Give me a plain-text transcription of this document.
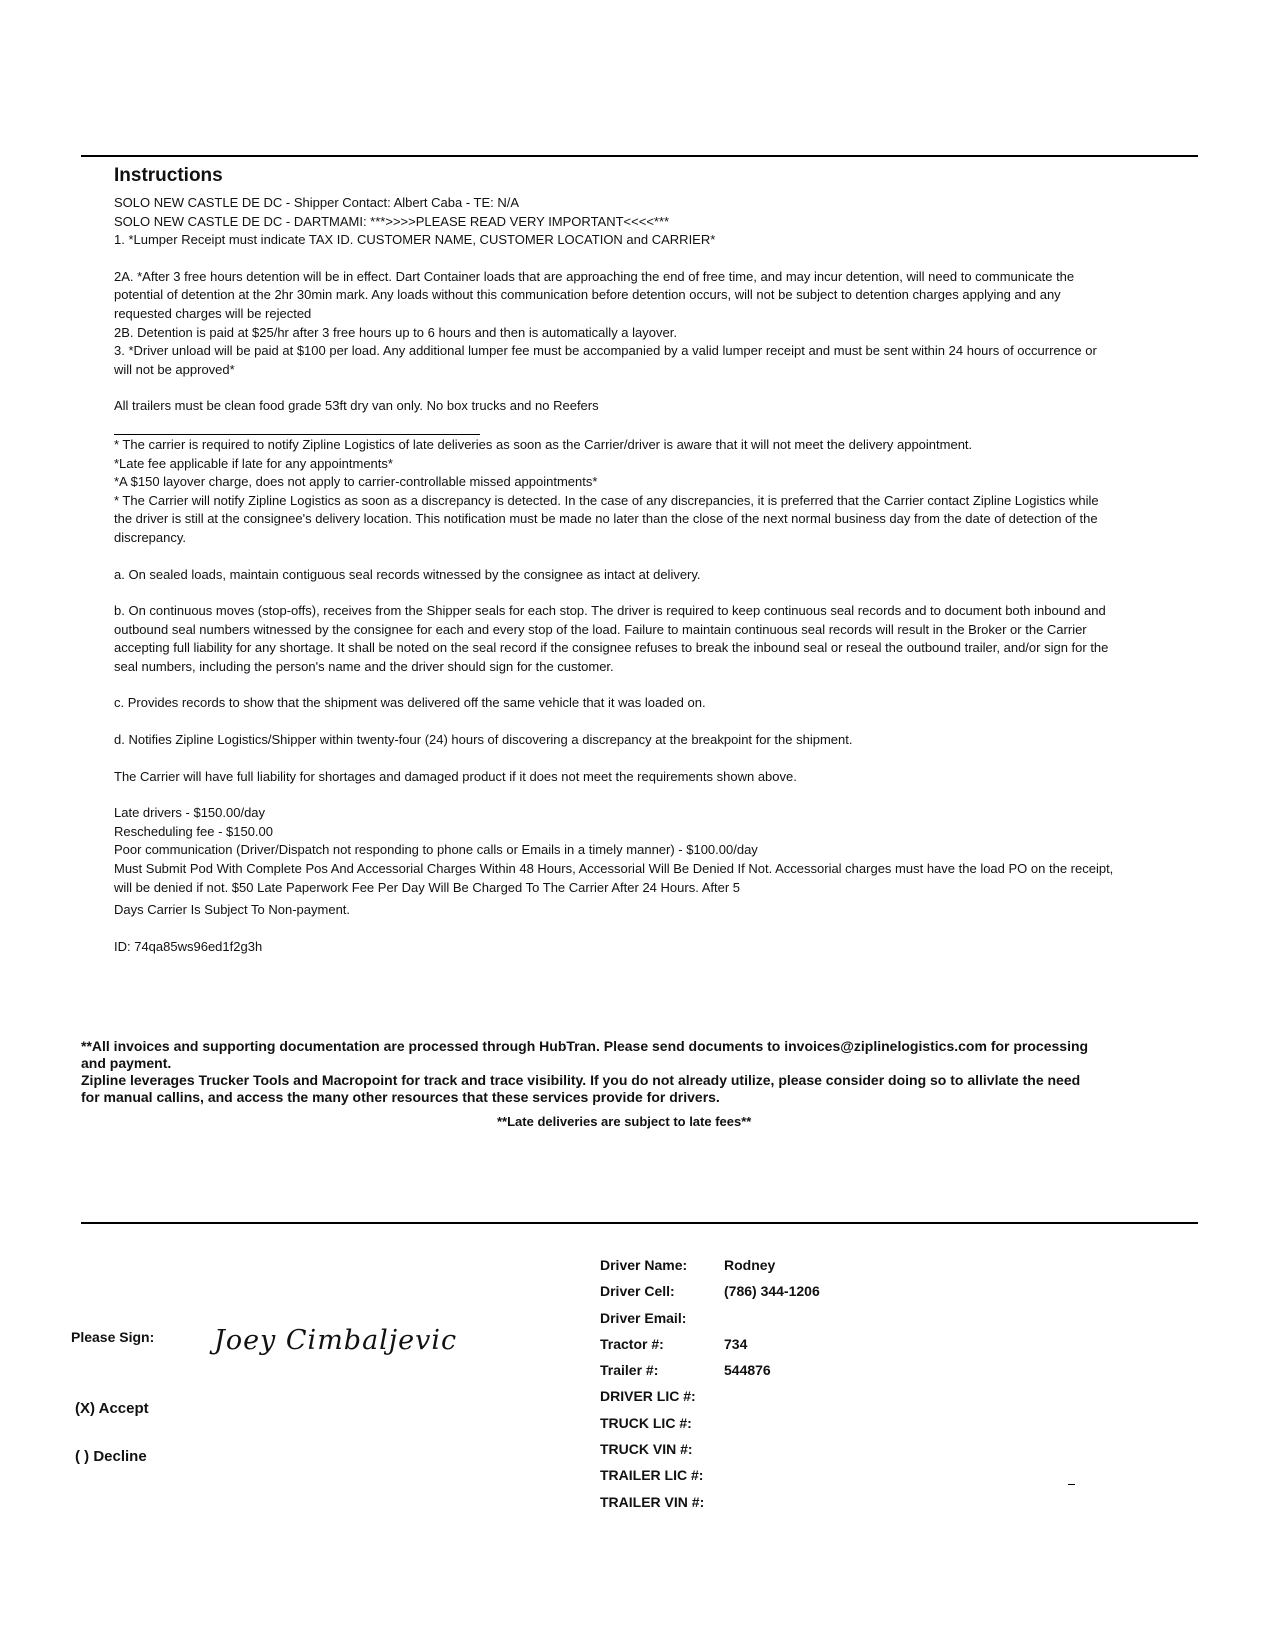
Instructions
SOLO NEW CASTLE DE DC - Shipper Contact: Albert Caba - TE: N/A
SOLO NEW CASTLE DE DC - DARTMAMI: ***>>>>PLEASE READ VERY IMPORTANT<<<<***
1. *Lumper Receipt must indicate TAX ID. CUSTOMER NAME, CUSTOMER LOCATION and CARRIER*

2A. *After 3 free hours detention will be in effect. Dart Container loads that are approaching the end of free time, and may incur detention, will need to communicate the potential of detention at the 2hr 30min mark. Any loads without this communication before detention occurs, will not be subject to detention charges applying and any requested charges will be rejected

2B. Detention is paid at $25/hr after 3 free hours up to 6 hours and then is automatically a layover.

3. *Driver unload will be paid at $100 per load. Any additional lumper fee must be accompanied by a valid lumper receipt and must be sent within 24 hours of occurrence or will not be approved*

All trailers must be clean food grade 53ft dry van only. No box trucks and no Reefers

* The carrier is required to notify Zipline Logistics of late deliveries as soon as the Carrier/driver is aware that it will not meet the delivery appointment.

*Late fee applicable if late for any appointments*

*A $150 layover charge, does not apply to carrier-controllable missed appointments*

* The Carrier will notify Zipline Logistics as soon as a discrepancy is detected. In the case of any discrepancies, it is preferred that the Carrier contact Zipline Logistics while the driver is still at the consignee's delivery location. This notification must be made no later than the close of the next normal business day from the date of detection of the discrepancy.

a. On sealed loads, maintain contiguous seal records witnessed by the consignee as intact at delivery.

b. On continuous moves (stop-offs), receives from the Shipper seals for each stop. The driver is required to keep continuous seal records and to document both inbound and outbound seal numbers witnessed by the consignee for each and every stop of the load. Failure to maintain continuous seal records will result in the Broker or the Carrier accepting full liability for any shortage. It shall be noted on the seal record if the consignee refuses to break the inbound seal or reseal the outbound trailer, and/or sign for the seal numbers, including the person's name and the driver should sign for the customer.

c. Provides records to show that the shipment was delivered off the same vehicle that it was loaded on.

d. Notifies Zipline Logistics/Shipper within twenty-four (24) hours of discovering a discrepancy at the breakpoint for the shipment.

The Carrier will have full liability for shortages and damaged product if it does not meet the requirements shown above.

Late drivers - $150.00/day

Rescheduling fee - $150.00

Poor communication (Driver/Dispatch not responding to phone calls or Emails in a timely manner) - $100.00/day

Must Submit Pod With Complete Pos And Accessorial Charges Within 48 Hours, Accessorial Will Be Denied If Not. Accessorial charges must have the load PO on the receipt, will be denied if not. $50 Late Paperwork Fee Per Day Will Be Charged To The Carrier After 24 Hours. After 5

Days Carrier Is Subject To Non-payment.

ID: 74qa85ws96ed1f2g3h

**All invoices and supporting documentation are processed through HubTran. Please send documents to invoices@ziplinelogistics.com for processing and payment.

Zipline leverages Trucker Tools and Macropoint for track and trace visibility. If you do not already utilize, please consider doing so to allivlate the need for manual callins, and access the many other resources that these services provide for drivers.

**Late deliveries are subject to late fees**
Please Sign: Joey Cimbaljevic
(X) Accept
( ) Decline
Driver Name:	Rodney
Driver Cell:	(786) 344-1206
Driver Email:
Tractor #:	734
Trailer #:	544876
DRIVER LIC #:
TRUCK LIC #:
TRUCK VIN #:
TRAILER LIC #:
TRAILER VIN #:
